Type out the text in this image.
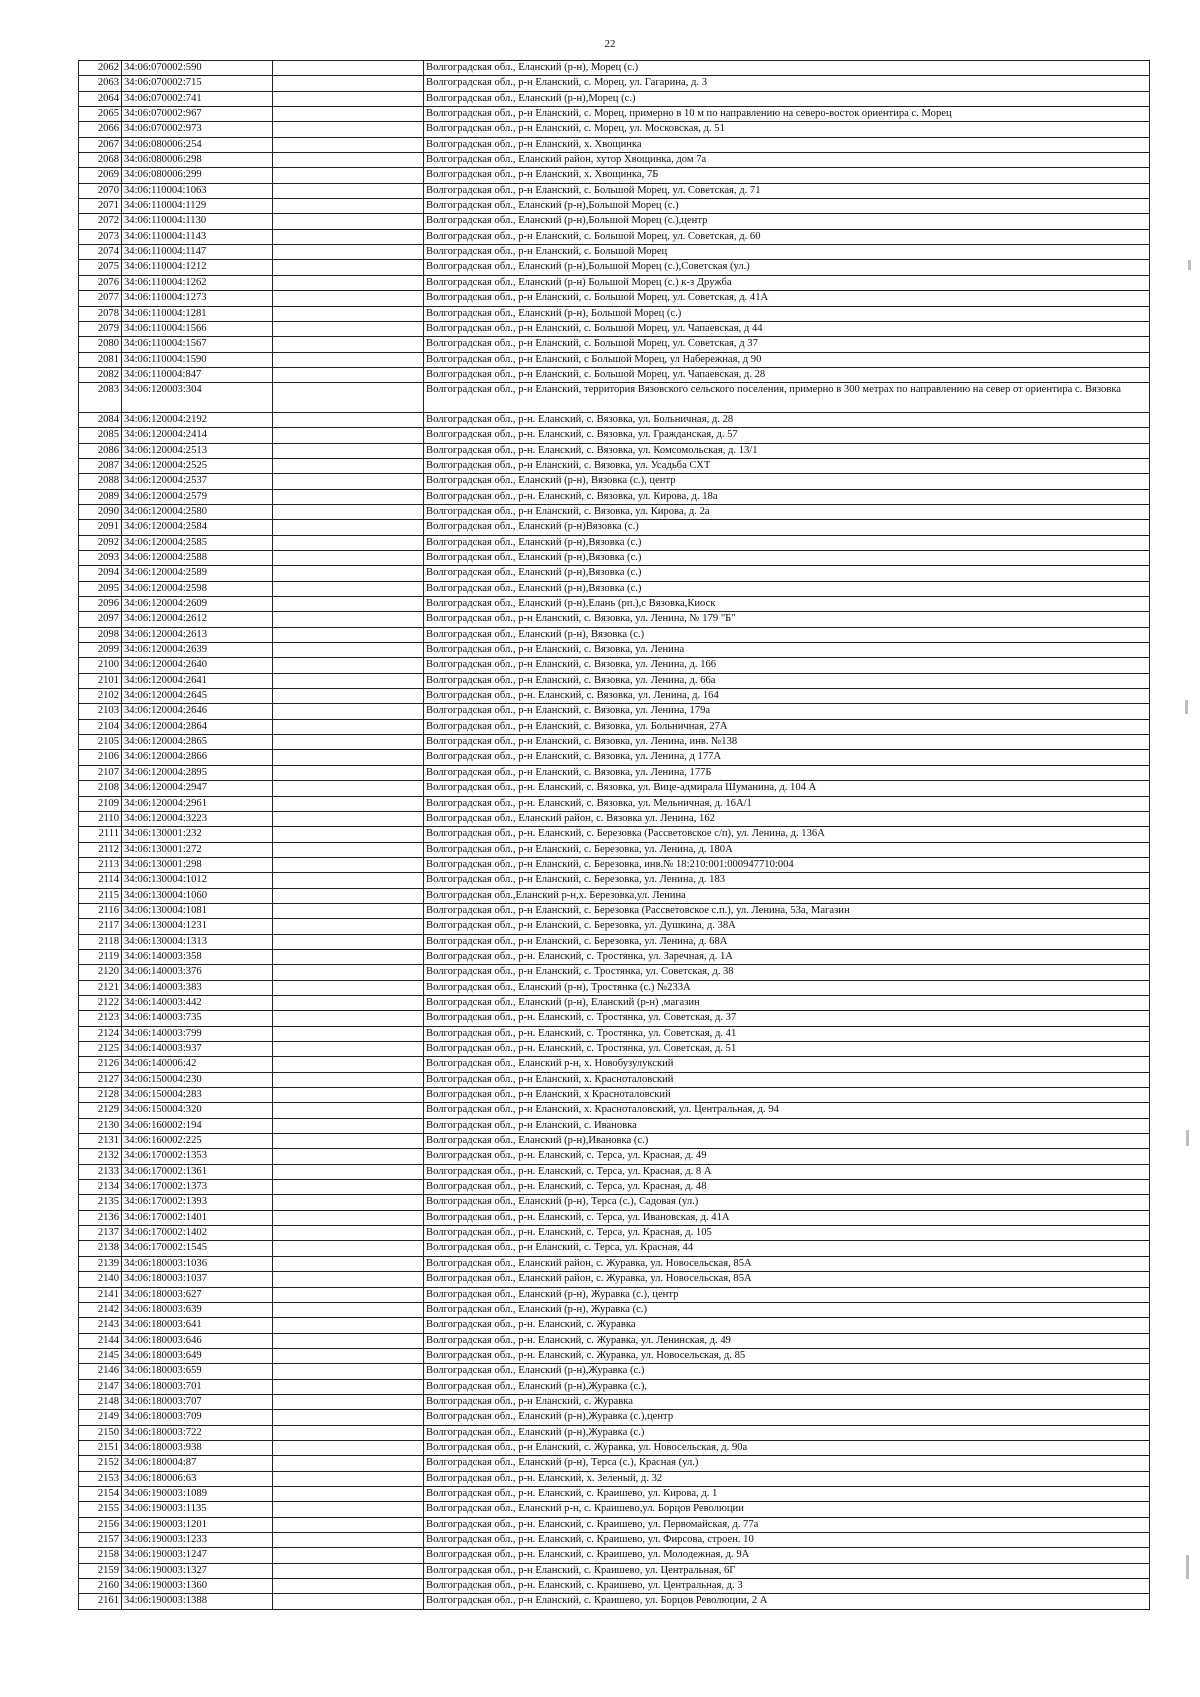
22
2062	34:06:070002:590		Волгоградская обл., Еланский (р-н), Морец (с.)
2063	34:06:070002:715		Волгоградская обл., р-н Еланский, с. Морец, ул. Гагарина, д. 3
2064	34:06:070002:741		Волгоградская обл., Еланский (р-н),Морец (с.)
2065	34:06:070002:967		Волгоградская обл., р-н Еланский, с. Морец, примерно в 10 м по направлению на северо-восток ориентира с. Морец
2066	34:06:070002:973		Волгоградская обл., р-н Еланский, с. Морец, ул. Московская, д. 51
2067	34:06:080006:254		Волгоградская обл., р-н Еланский, х. Хвощинка
2068	34:06:080006:298		Волгоградская обл., Еланский район, хутор Хвощинка, дом 7а
2069	34:06:080006:299		Волгоградская обл., р-н Еланский, х. Хвощинка, 7Б
2070	34:06:110004:1063		Волгоградская обл., р-н Еланский, с. Большой Морец, ул. Советская, д. 71
2071	34:06:110004:1129		Волгоградская обл., Еланский (р-н),Большой Морец (с.)
2072	34:06:110004:1130		Волгоградская обл., Еланский (р-н),Большой Морец (с.),центр
2073	34:06:110004:1143		Волгоградская обл., р-н Еланский, с. Большой Морец, ул. Советская, д. 60
2074	34:06:110004:1147		Волгоградская обл., р-н Еланский, с. Большой Морец
2075	34:06:110004:1212		Волгоградская обл., Еланский (р-н),Большой Морец (с.),Советская (ул.)
2076	34:06:110004:1262		Волгоградская обл., Еланский (р-н) Большой Морец (с.) к-з Дружба
2077	34:06:110004:1273		Волгоградская обл., р-н Еланский, с. Большой Морец, ул. Советская, д. 41А
2078	34:06:110004:1281		Волгоградская обл., Еланский (р-н), Большой Морец (с.)
2079	34:06:110004:1566		Волгоградская обл., р-н Еланский, с. Большой Морец, ул. Чапаевская, д 44
2080	34:06:110004:1567		Волгоградская обл., р-н Еланский, с. Большой Морец, ул. Советская, д 37
2081	34:06:110004:1590		Волгоградская обл., р-н Еланский, с Большой Морец, ул Набережная, д 90
2082	34:06:110004:847		Волгоградская обл., р-н Еланский, с. Большой Морец, ул. Чапаевская, д. 28
2083	34:06:120003:304		Волгоградская обл., р-н Еланский, территория Вязовского сельского поселения, примерно в 300 метрах по направлению на север от ориентира с. Вязовка
2084	34:06:120004:2192		Волгоградская обл., р-н. Еланский, с. Вязовка, ул. Больничная, д. 28
2085	34:06:120004:2414		Волгоградская обл., р-н. Еланский, с. Вязовка, ул. Гражданская, д. 57
2086	34:06:120004:2513		Волгоградская обл., р-н. Еланский, с. Вязовка, ул. Комсомольская, д. 13/1
2087	34:06:120004:2525		Волгоградская обл., р-н Еланский, с. Вязовка, ул. Усадьба СХТ
2088	34:06:120004:2537		Волгоградская обл., Еланский (р-н), Вязовка (с.), центр
2089	34:06:120004:2579		Волгоградская обл., р-н. Еланский, с. Вязовка, ул. Кирова, д. 18а
2090	34:06:120004:2580		Волгоградская обл., р-н Еланский, с. Вязовка, ул. Кирова, д. 2а
2091	34:06:120004:2584		Волгоградская обл., Еланский (р-н)Вязовка (с.)
2092	34:06:120004:2585		Волгоградская обл., Еланский (р-н),Вязовка (с.)
2093	34:06:120004:2588		Волгоградская обл., Еланский (р-н),Вязовка (с.)
2094	34:06:120004:2589		Волгоградская обл., Еланский (р-н),Вязовка (с.)
2095	34:06:120004:2598		Волгоградская обл., Еланский (р-н),Вязовка (с.)
2096	34:06:120004:2609		Волгоградская обл., Еланский (р-н),Елань (рп.),с Вязовка,Киоск
2097	34:06:120004:2612		Волгоградская обл., р-н Еланский, с. Вязовка, ул. Ленина, № 179 "Б"
2098	34:06:120004:2613		Волгоградская обл., Еланский (р-н), Вязовка (с.)
2099	34:06:120004:2639		Волгоградская обл., р-н Еланский, с. Вязовка, ул. Ленина
2100	34:06:120004:2640		Волгоградская обл., р-н Еланский, с. Вязовка, ул. Ленина, д. 166
2101	34:06:120004:2641		Волгоградская обл., р-н Еланский, с. Вязовка, ул. Ленина, д. 66а
2102	34:06:120004:2645		Волгоградская обл., р-н. Еланский, с. Вязовка, ул. Ленина, д. 164
2103	34:06:120004:2646		Волгоградская обл., р-н Еланский, с. Вязовка, ул. Ленина, 179а
2104	34:06:120004:2864		Волгоградская обл., р-н Еланский, с. Вязовка, ул. Больничная, 27А
2105	34:06:120004:2865		Волгоградская обл., р-н Еланский, с. Вязовка, ул. Ленина, инв. №138
2106	34:06:120004:2866		Волгоградская обл., р-н Еланский, с. Вязовка, ул. Ленина, д 177А
2107	34:06:120004:2895		Волгоградская обл., р-н Еланский, с. Вязовка, ул. Ленина, 177Б
2108	34:06:120004:2947		Волгоградская обл., р-н. Еланский, с. Вязовка, ул. Вице-адмирала Шуманина, д. 104 А
2109	34:06:120004:2961		Волгоградская обл., р-н. Еланский, с. Вязовка, ул. Мельничная, д. 16А/1
2110	34:06:120004:3223		Волгоградская обл., Еланский район, с. Вязовка ул. Ленина, 162
2111	34:06:130001:232		Волгоградская обл., р-н. Еланский, с. Березовка (Рассветовское с/п), ул. Ленина, д. 136А
2112	34:06:130001:272		Волгоградская обл., р-н Еланский, с. Березовка, ул. Ленина, д. 180А
2113	34:06:130001:298		Волгоградская обл., р-н Еланский, с. Березовка, инв.№ 18:210:001:000947710:004
2114	34:06:130004:1012		Волгоградская обл., р-н Еланский, с. Березовка, ул. Ленина, д. 183
2115	34:06:130004:1060		Волгоградская обл.,Еланский р-н,х. Березовка,ул. Ленина
2116	34:06:130004:1081		Волгоградская обл., р-н Еланский, с. Березовка (Рассветовское с.п.), ул. Ленина, 53а, Магазин
2117	34:06:130004:1231		Волгоградская обл., р-н Еланский, с. Березовка, ул. Душкина, д. 38А
2118	34:06:130004:1313		Волгоградская обл., р-н Еланский, с. Березовка, ул. Ленина, д. 68А
2119	34:06:140003:358		Волгоградская обл., р-н. Еланский, с. Тростянка, ул. Заречная, д. 1А
2120	34:06:140003:376		Волгоградская обл., р-н Еланский, с. Тростянка, ул. Советская, д. 38
2121	34:06:140003:383		Волгоградская обл., Еланский (р-н), Тростянка (с.) №233А
2122	34:06:140003:442		Волгоградская обл., Еланский (р-н), Еланский (р-н) ,магазин
2123	34:06:140003:735		Волгоградская обл., р-н. Еланский, с. Тростянка, ул. Советская, д. 37
2124	34:06:140003:799		Волгоградская обл., р-н. Еланский, с. Тростянка, ул. Советская, д. 41
2125	34:06:140003:937		Волгоградская обл., р-н. Еланский, с. Тростянка, ул. Советская, д. 51
2126	34:06:140006:42		Волгоградская обл., Еланский р-н, х. Новобузулукский
2127	34:06:150004:230		Волгоградская обл., р-н Еланский, х. Красноталовский
2128	34:06:150004:283		Волгоградская обл., р-н Еланский, х Красноталовский
2129	34:06:150004:320		Волгоградская обл., р-н Еланский, х. Красноталовский, ул. Центральная, д. 94
2130	34:06:160002:194		Волгоградская обл., р-н Еланский, с. Ивановка
2131	34:06:160002:225		Волгоградская обл., Еланский (р-н),Ивановка (с.)
2132	34:06:170002:1353		Волгоградская обл., р-н. Еланский, с. Терса, ул. Красная, д. 49
2133	34:06:170002:1361		Волгоградская обл., р-н. Еланский, с. Терса, ул. Красная, д. 8 А
2134	34:06:170002:1373		Волгоградская обл., р-н. Еланский, с. Терса, ул. Красная, д. 48
2135	34:06:170002:1393		Волгоградская обл., Еланский (р-н), Терса (с.), Садовая (ул.)
2136	34:06:170002:1401		Волгоградская обл., р-н. Еланский, с. Терса, ул. Ивановская, д. 41А
2137	34:06:170002:1402		Волгоградская обл., р-н. Еланский, с. Терса, ул. Красная, д. 105
2138	34:06:170002:1545		Волгоградская обл., р-н Еланский, с. Терса, ул. Красная, 44
2139	34:06:180003:1036		Волгоградская обл., Еланский район, с. Журавка, ул. Новосельская, 85А
2140	34:06:180003:1037		Волгоградская обл., Еланский район, с. Журавка, ул. Новосельская, 85А
2141	34:06:180003:627		Волгоградская обл., Еланский (р-н), Журавка (с.), центр
2142	34:06:180003:639		Волгоградская обл., Еланский (р-н), Журавка (с.)
2143	34:06:180003:641		Волгоградская обл., р-н. Еланский, с. Журавка
2144	34:06:180003:646		Волгоградская обл., р-н. Еланский, с. Журавка, ул. Ленинская, д. 49
2145	34:06:180003:649		Волгоградская обл., р-н. Еланский, с. Журавка, ул. Новосельская, д. 85
2146	34:06:180003:659		Волгоградская обл., Еланский (р-н),Журавка (с.)
2147	34:06:180003:701		Волгоградская обл., Еланский (р-н),Журавка (с.),
2148	34:06:180003:707		Волгоградская обл., р-н Еланский, с. Журавка
2149	34:06:180003:709		Волгоградская обл., Еланский (р-н),Журавка (с.),центр
2150	34:06:180003:722		Волгоградская обл., Еланский (р-н),Журавка (с.)
2151	34:06:180003:938		Волгоградская обл., р-н Еланский, с. Журавка, ул. Новосельская, д. 90а
2152	34:06:180004:87		Волгоградская обл., Еланский (р-н), Терса (с.), Красная (ул.)
2153	34:06:180006:63		Волгоградская обл., р-н. Еланский, х. Зеленый, д. 32
2154	34:06:190003:1089		Волгоградская обл., р-н. Еланский, с. Краишево, ул. Кирова, д. 1
2155	34:06:190003:1135		Волгоградская обл., Еланский р-н, с. Краишево,ул. Борцов Революции
2156	34:06:190003:1201		Волгоградская обл., р-н. Еланский, с. Краишево, ул. Первомайская, д. 77а
2157	34:06:190003:1233		Волгоградская обл., р-н. Еланский, с. Краишево, ул. Фирсова, строен. 10
2158	34:06:190003:1247		Волгоградская обл., р-н. Еланский, с. Краишево, ул. Молодежная, д. 9А
2159	34:06:190003:1327		Волгоградская обл., р-н Еланский, с. Краишево, ул. Центральная, 6Г
2160	34:06:190003:1360		Волгоградская обл., р-н. Еланский, с. Краишево, ул. Центральная, д. 3
2161	34:06:190003:1388		Волгоградская обл., р-н Еланский, с. Краишево, ул. Борцов Революции, 2 А
